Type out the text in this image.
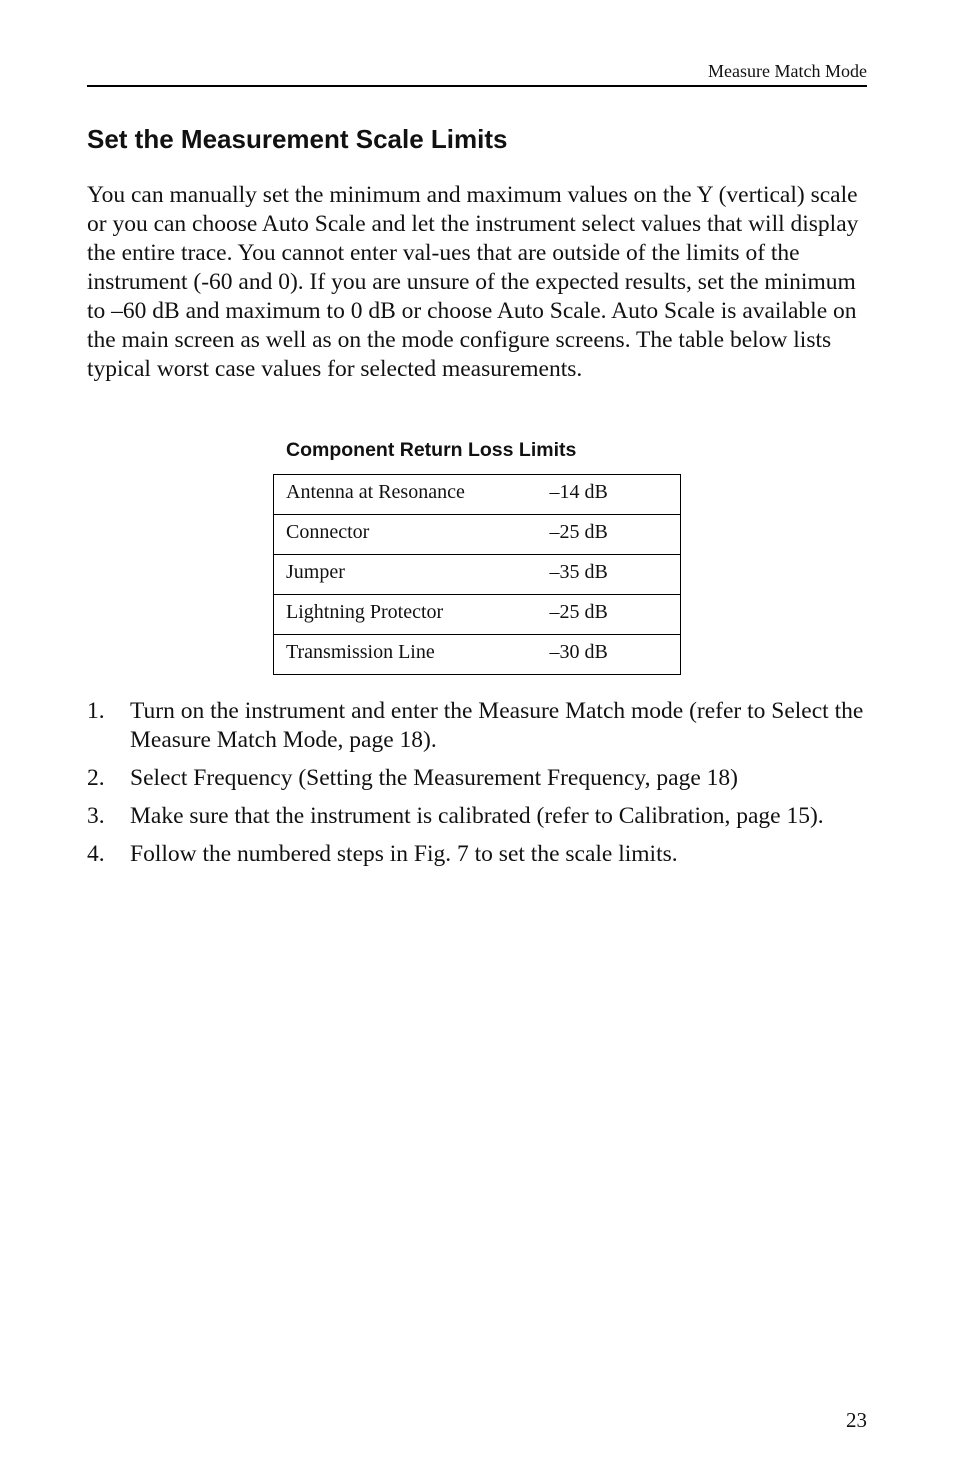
Measure Match Mode
Set the Measurement Scale Limits

You can manually set the minimum and maximum values on the Y (vertical) scale or you can choose Auto Scale and let the instrument select values that will display the entire trace. You cannot enter val-ues that are outside of the limits of the instrument (-60 and 0). If you are unsure of the expected results, set the minimum to –60 dB and maximum to 0 dB or choose Auto Scale. Auto Scale is available on the main screen as well as on the mode configure screens. The table below lists typical worst case values for selected measurements.

Component Return Loss Limits
Antenna at Resonance	–14 dB
Connector	–25 dB
Jumper	–35 dB
Lightning Protector	–25 dB
Transmission Line	–30 dB
1. Turn on the instrument and enter the Measure Match mode (refer to Select the Measure Match Mode, page 18).
2. Select Frequency (Setting the Measurement Frequency, page 18)
3. Make sure that the instrument is calibrated (refer to Calibration, page 15).
4. Follow the numbered steps in Fig. 7 to set the scale limits.
23
